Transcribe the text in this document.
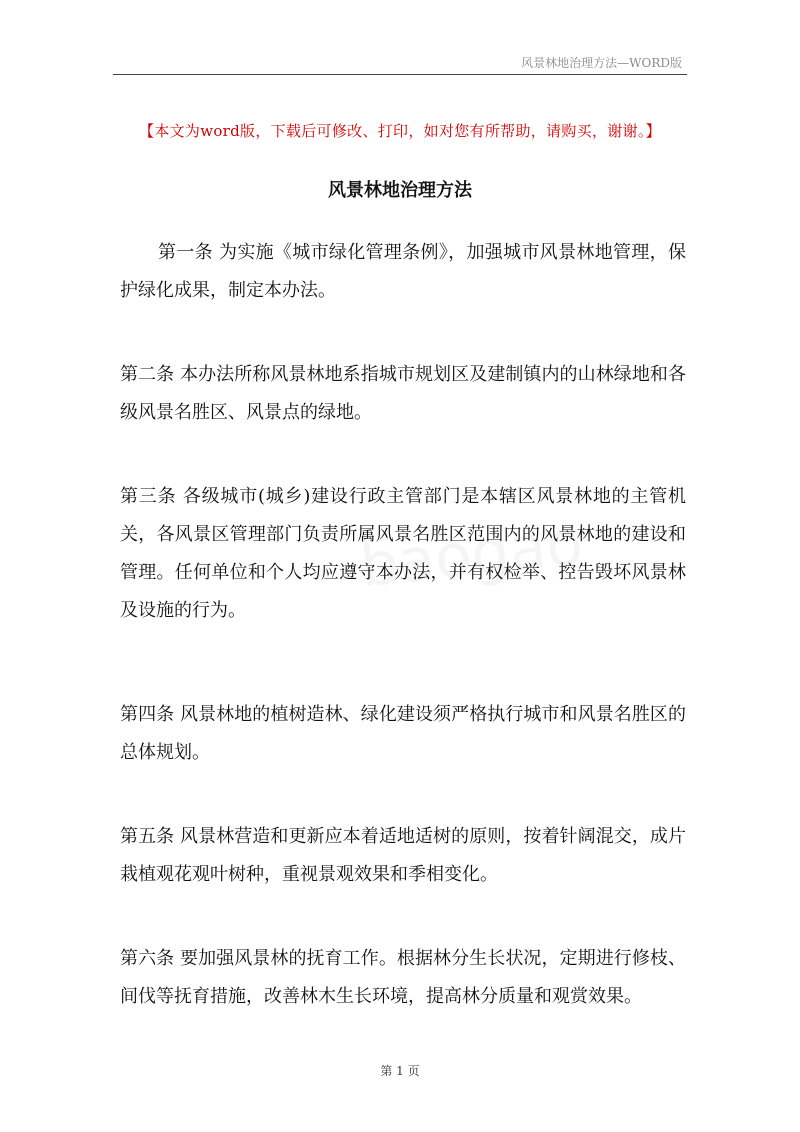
风景林地治理方法—WORD版
【本文为word版，下载后可修改、打印，如对您有所帮助，请购买，谢谢。】
风景林地治理方法

第一条 为实施《城市绿化管理条例》，加强城市风景林地管理，保护绿化成果，制定本办法。

第二条 本办法所称风景林地系指城市规划区及建制镇内的山林绿地和各级风景名胜区、风景点的绿地。

第三条 各级城市(城乡)建设行政主管部门是本辖区风景林地的主管机关，各风景区管理部门负责所属风景名胜区范围内的风景林地的建设和管理。任何单位和个人均应遵守本办法，并有权检举、控告毁坏风景林及设施的行为。

第四条 风景林地的植树造林、绿化建设须严格执行城市和风景名胜区的总体规划。

第五条 风景林营造和更新应本着适地适树的原则，按着针阔混交，成片栽植观花观叶树种，重视景观效果和季相变化。

第六条 要加强风景林的抚育工作。根据林分生长状况，定期进行修枝、间伐等抚育措施，改善林木生长环境，提高林分质量和观赏效果。

第 1 页
